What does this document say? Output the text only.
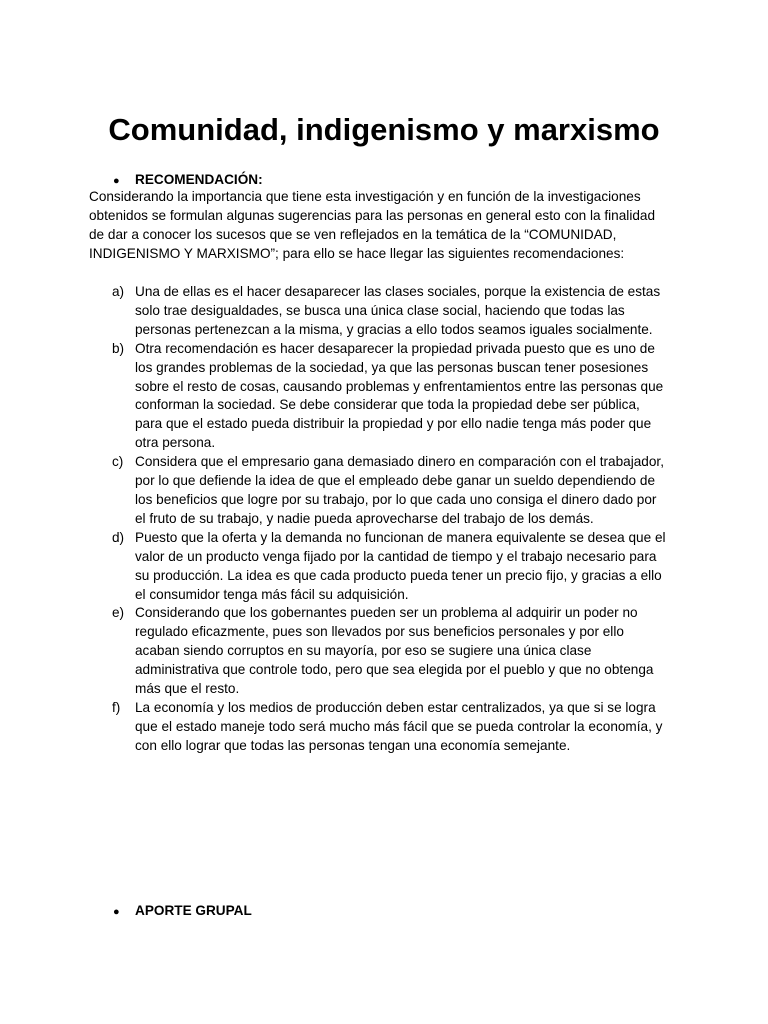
Comunidad, indigenismo y marxismo
● RECOMENDACIÓN:

Considerando la importancia que tiene esta investigación y en función de la investigaciones
obtenidos se formulan algunas sugerencias para las personas en general esto con la finalidad
de dar a conocer los sucesos que se ven reflejados en la temática de la “COMUNIDAD,
INDIGENISMO Y MARXISMO”; para ello se hace llegar las siguientes recomendaciones:

a) Una de ellas es el hacer desaparecer las clases sociales, porque la existencia de estas
solo trae desigualdades, se busca una única clase social, haciendo que todas las
personas pertenezcan a la misma, y gracias a ello todos seamos iguales socialmente.
b) Otra recomendación es hacer desaparecer la propiedad privada puesto que es uno de
los grandes problemas de la sociedad, ya que las personas buscan tener posesiones
sobre el resto de cosas, causando problemas y enfrentamientos entre las personas que
conforman la sociedad. Se debe considerar que toda la propiedad debe ser pública,
para que el estado pueda distribuir la propiedad y por ello nadie tenga más poder que
otra persona.
c) Considera que el empresario gana demasiado dinero en comparación con el trabajador,
por lo que defiende la idea de que el empleado debe ganar un sueldo dependiendo de
los beneficios que logre por su trabajo, por lo que cada uno consiga el dinero dado por
el fruto de su trabajo, y nadie pueda aprovecharse del trabajo de los demás.
d) Puesto que la oferta y la demanda no funcionan de manera equivalente se desea que el
valor de un producto venga fijado por la cantidad de tiempo y el trabajo necesario para
su producción. La idea es que cada producto pueda tener un precio fijo, y gracias a ello
el consumidor tenga más fácil su adquisición.
e) Considerando que los gobernantes pueden ser un problema al adquirir un poder no
regulado eficazmente, pues son llevados por sus beneficios personales y por ello
acaban siendo corruptos en su mayoría, por eso se sugiere una única clase
administrativa que controle todo, pero que sea elegida por el pueblo y que no obtenga
más que el resto.
f) La economía y los medios de producción deben estar centralizados, ya que si se logra
que el estado maneje todo será mucho más fácil que se pueda controlar la economía, y
con ello lograr que todas las personas tengan una economía semejante.
● APORTE GRUPAL
